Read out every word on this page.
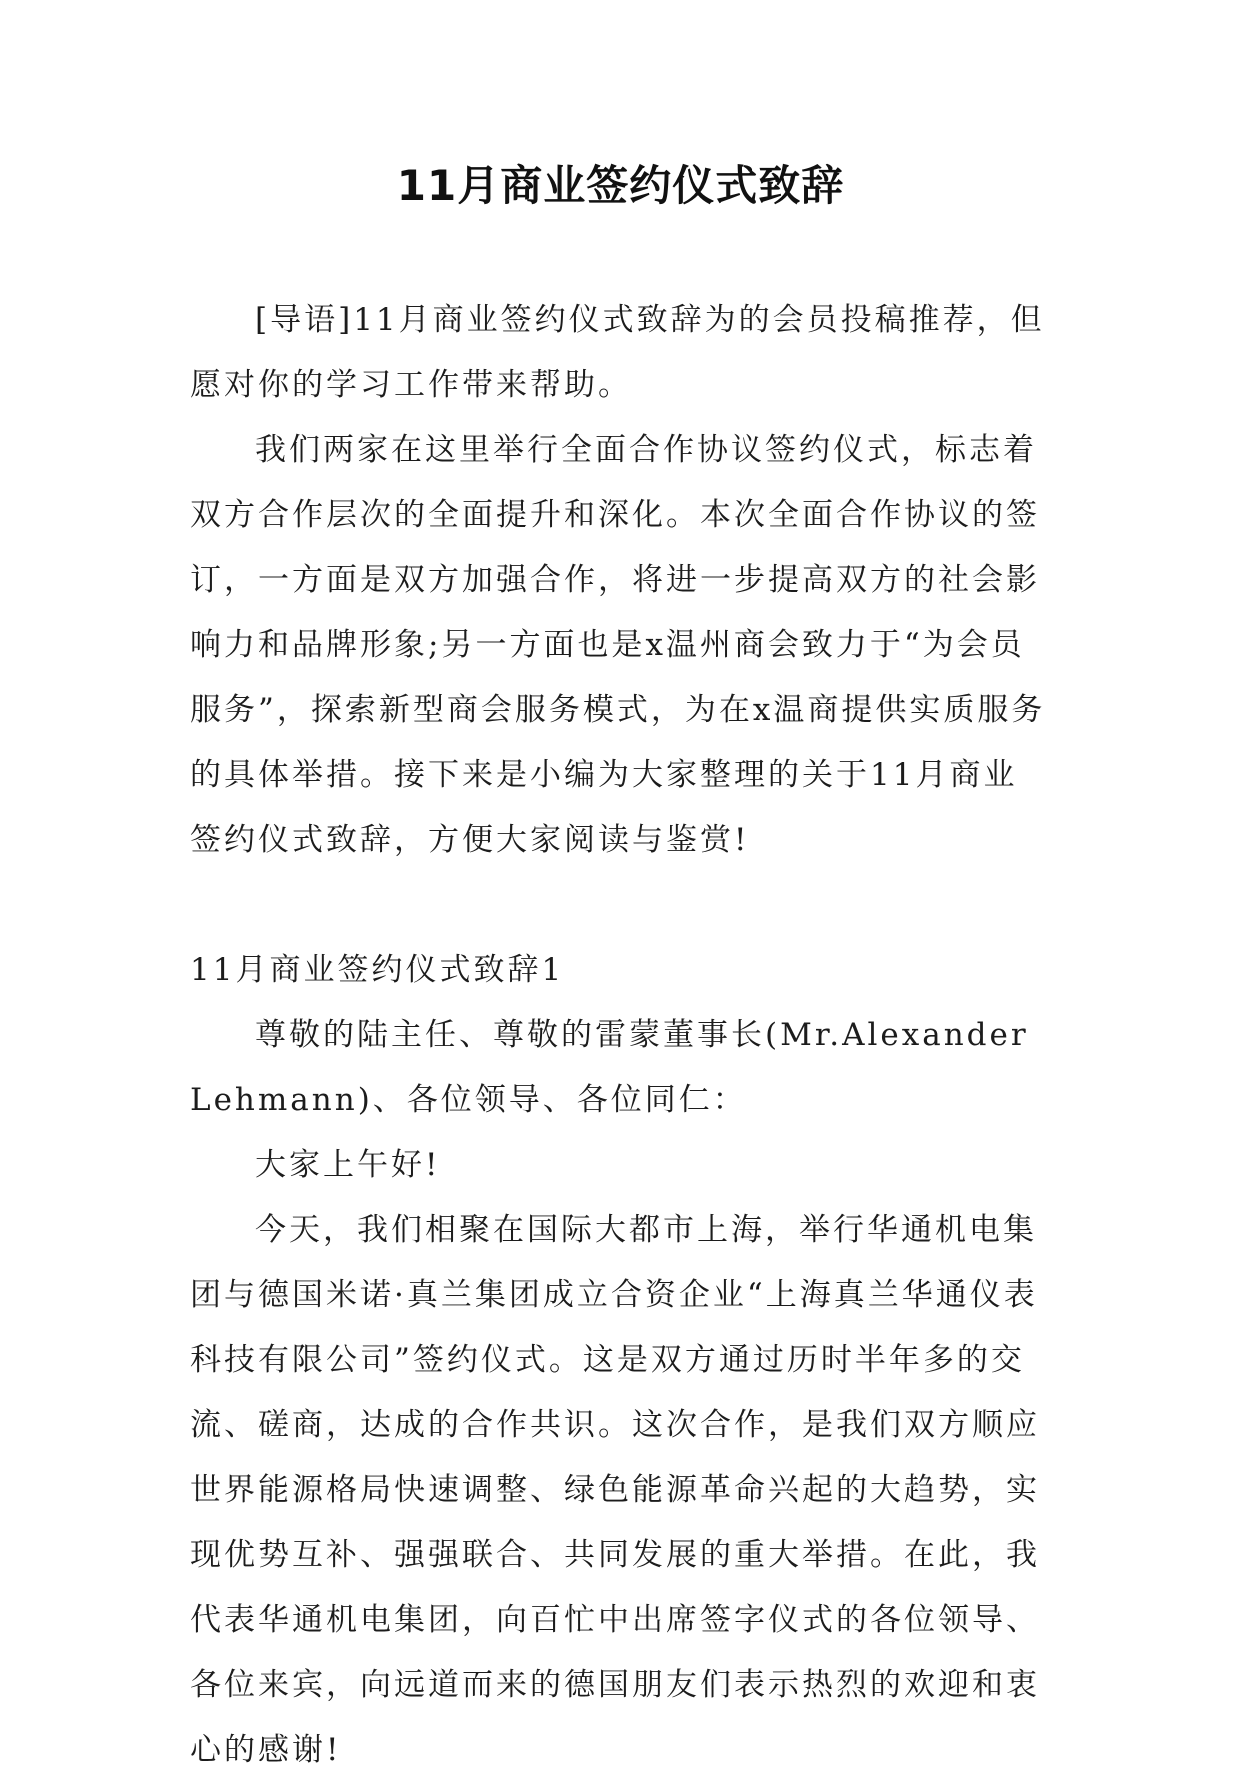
11月商业签约仪式致辞

[导语]11月商业签约仪式致辞为的会员投稿推荐，但愿对你的学习工作带来帮助。

我们两家在这里举行全面合作协议签约仪式，标志着双方合作层次的全面提升和深化。本次全面合作协议的签订，一方面是双方加强合作，将进一步提高双方的社会影响力和品牌形象;另一方面也是x温州商会致力于“为会员服务”，探索新型商会服务模式，为在x温商提供实质服务的具体举措。接下来是小编为大家整理的关于11月商业签约仪式致辞，方便大家阅读与鉴赏!

11月商业签约仪式致辞1

尊敬的陆主任、尊敬的雷蒙董事长(Mr.AlexanderLehmann)、各位领导、各位同仁：

大家上午好!

今天，我们相聚在国际大都市上海，举行华通机电集团与德国米诺·真兰集团成立合资企业“上海真兰华通仪表科技有限公司”签约仪式。这是双方通过历时半年多的交流、磋商，达成的合作共识。这次合作，是我们双方顺应世界能源格局快速调整、绿色能源革命兴起的大趋势，实现优势互补、强强联合、共同发展的重大举措。在此，我代表华通机电集团，向百忙中出席签字仪式的各位领导、各位来宾，向远道而来的德国朋友们表示热烈的欢迎和衷心的感谢!
